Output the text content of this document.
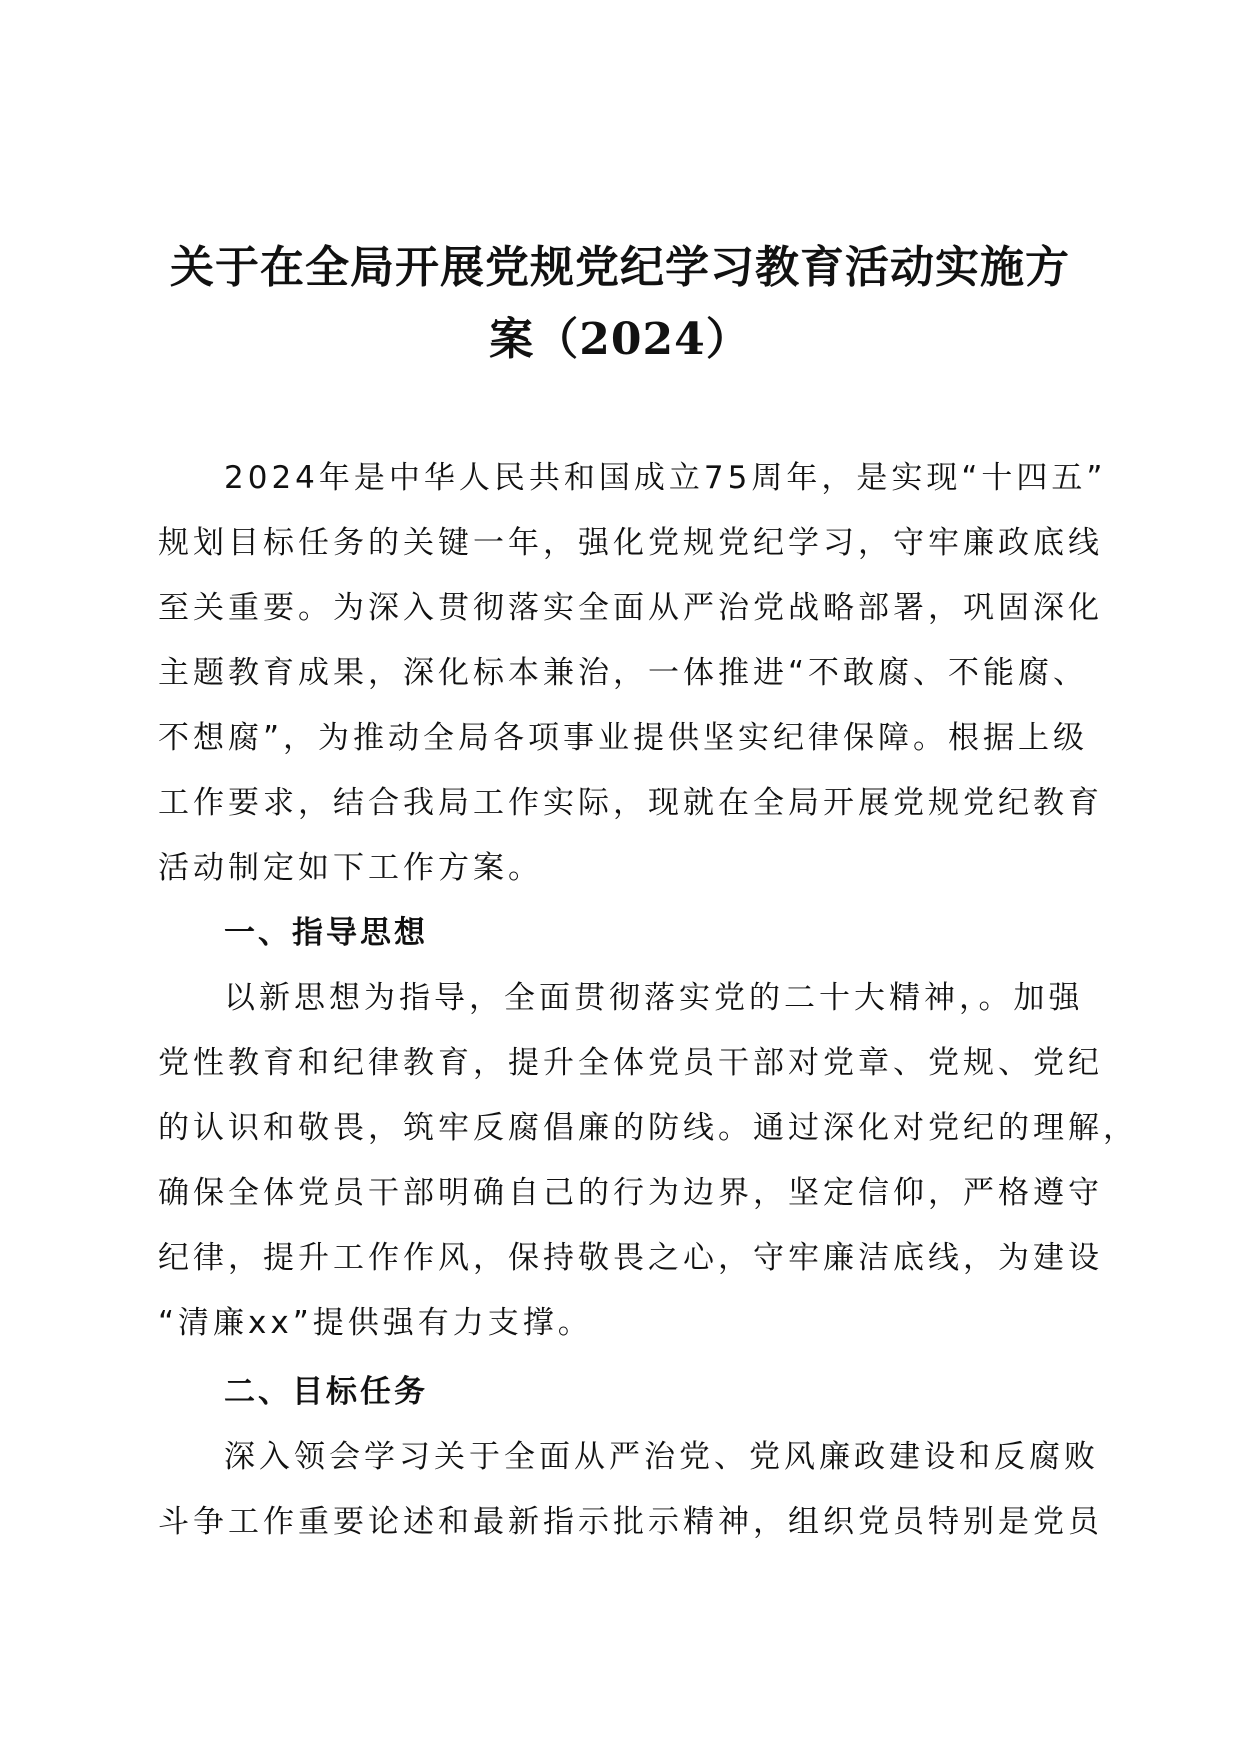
关于在全局开展党规党纪学习教育活动实施方
案（2024）

2024年是中华人民共和国成立75周年，是实现“十四五”
规划目标任务的关键一年，强化党规党纪学习，守牢廉政底线
至关重要。为深入贯彻落实全面从严治党战略部署，巩固深化
主题教育成果，深化标本兼治，一体推进“不敢腐、不能腐、
不想腐”，为推动全局各项事业提供坚实纪律保障。根据上级
工作要求，结合我局工作实际，现就在全局开展党规党纪教育
活动制定如下工作方案。

一、指导思想

以新思想为指导，全面贯彻落实党的二十大精神，。加强
党性教育和纪律教育，提升全体党员干部对党章、党规、党纪
的认识和敬畏，筑牢反腐倡廉的防线。通过深化对党纪的理解，
确保全体党员干部明确自己的行为边界，坚定信仰，严格遵守
纪律，提升工作作风，保持敬畏之心，守牢廉洁底线，为建设
“清廉xx”提供强有力支撑。

二、目标任务

深入领会学习关于全面从严治党、党风廉政建设和反腐败
斗争工作重要论述和最新指示批示精神，组织党员特别是党员
